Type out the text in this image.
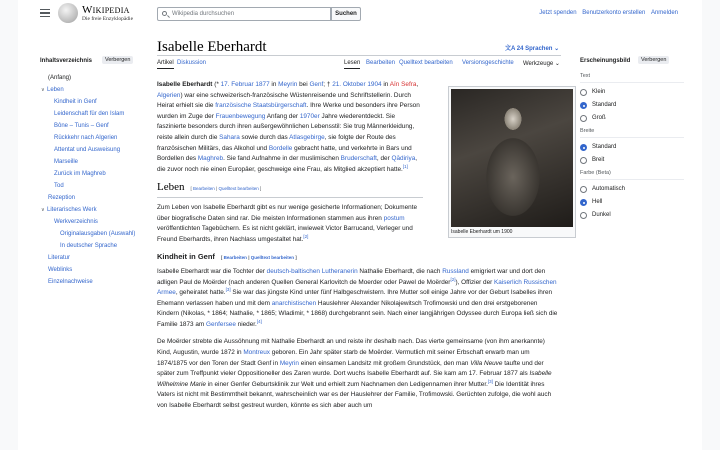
Wikipedia
Die freie Enzyklopädie
Wikipedia durchsuchen	Suchen	Jetzt spenden Benutzerkonto erstellen Anmelden
Isabelle Eberhardt	文A 24 Sprachen ⌄
Artikel Diskussion	Lesen Bearbeiten Quelltext bearbeiten Versionsgeschichte Werkzeuge ⌄
Inhaltsverzeichnis	Verbergen
(Anfang)
∨ Leben
Kindheit in Genf
Leidenschaft für den Islam
Bône – Tunis – Genf
Rückkehr nach Algerien
Attentat und Ausweisung
Marseille
Zurück im Maghreb
Tod
Rezeption
∨ Literarisches Werk
Werkverzeichnis
Originalausgaben (Auswahl)
In deutscher Sprache
Literatur
Weblinks
Einzelnachweise

Isabelle Eberhardt (* 17. Februar 1877 in Meyrin bei Genf; † 21. Oktober 1904 in Aïn Sefra, Algerien) war eine schweizerisch-französische Wüstenreisende und Schriftstellerin. Durch Heirat erhielt sie die französische Staatsbürgerschaft. Ihre Werke und besonders ihre Person wurden im Zuge der Frauenbewegung Anfang der 1970er Jahre wiederentdeckt. Sie faszinierte besonders durch ihren außergewöhnlichen Lebensstil: Sie trug Männerkleidung, reiste allein durch die Sahara sowie durch das Atlasgebirge, sie folgte der Route des französischen Militärs, das Alkohol und Bordelle gebracht hatte, und verkehrte in Bars und Bordellen des Maghreb. Sie fand Aufnahme in der muslimischen Bruderschaft, der Qādiriya, die zuvor noch nie einen Europäer, geschweige eine Frau, als Mitglied akzeptiert hatte.[1]

Leben [ Bearbeiten | Quelltext bearbeiten ]

Zum Leben von Isabelle Eberhardt gibt es nur wenige gesicherte Informationen; Dokumente über biografische Daten sind rar. Die meisten Informationen stammen aus ihren postum veröffentlichten Tagebüchern. Es ist nicht geklärt, inwieweit Victor Barrucand, Verleger und Freund Eberhardts, ihren Nachlass umgestaltet hat.[2]

Kindheit in Genf [ Bearbeiten | Quelltext bearbeiten ]

Isabelle Eberhardt war die Tochter der deutsch-baltischen Lutheranerin Nathalie Eberhardt, die nach Russland emigriert war und dort den adligen Paul de Moërder (nach anderen Quellen General Karlovitch de Moerder oder Pawel de Moërder[2]), Offizier der Kaiserlich Russischen Armee, geheiratet hatte.[3] Sie war das jüngste Kind unter fünf Halbgeschwistern. Ihre Mutter soll einige Jahre vor der Geburt Isabelles ihren Ehemann verlassen haben und mit dem anarchistischen Hauslehrer Alexander Nikolajewitsch Trofimowski und den drei erstgeborenen Kindern (Nikolas, * 1864; Nathalie, * 1865; Wladimir, * 1868) durchgebrannt sein. Nach einer langjährigen Odyssee durch Europa ließ sich die Familie 1873 am Genfersee nieder.[4]

De Moërder strebte die Aussöhnung mit Nathalie Eberhardt an und reiste ihr deshalb nach. Das vierte gemeinsame (von ihm anerkannte) Kind, Augustin, wurde 1872 in Montreux geboren. Ein Jahr später starb de Moërder. Vermutlich mit seiner Erbschaft erwarb man um 1874/1875 vor den Toren der Stadt Genf in Meyrin einen einsamen Landsitz mit großem Grundstück, den man Villa Neuve taufte und der später zum Treffpunkt vieler Oppositioneller des Zaren wurde. Dort wuchs Isabelle Eberhardt auf. Sie kam am 17. Februar 1877 als Isabelle Wilhelmine Marie in einer Genfer Geburtsklinik zur Welt und erhielt zum Nachnamen den Ledigennamen ihrer Mutter.[3] Die Identität ihres Vaters ist nicht mit Bestimmtheit bekannt, wahrscheinlich war es der Hauslehrer der Familie, Trofimowski. Gerüchten zufolge, die wohl auch von Isabelle Eberhardt selbst gestreut wurden, könnte es sich aber auch um

Isabelle Eberhardt um 1900
Erscheinungsbild	Verbergen
Text
Klein
Standard
Groß
Breite
Standard
Breit
Farbe (Beta)
Automatisch
Hell
Dunkel
